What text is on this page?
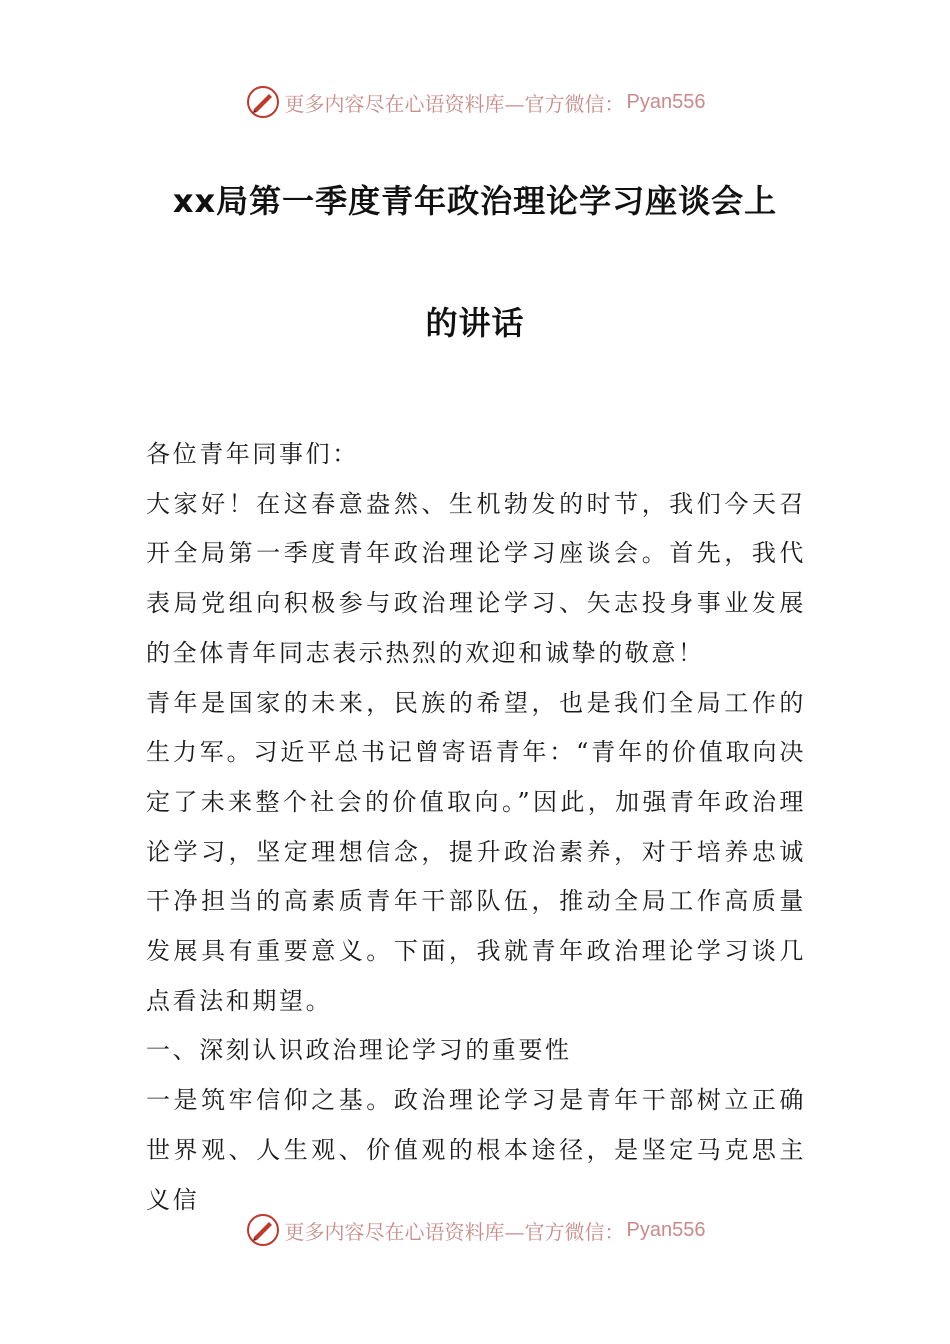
更多内容尽在心语资料库—官方微信： Pyan556
xx局第一季度青年政治理论学习座谈会上
的讲话

各位青年同事们：

大家好！在这春意盎然、生机勃发的时节，我们今天召开全局第一季度青年政治理论学习座谈会。首先，我代表局党组向积极参与政治理论学习、矢志投身事业发展的全体青年同志表示热烈的欢迎和诚挚的敬意！

青年是国家的未来，民族的希望，也是我们全局工作的生力军。习近平总书记曾寄语青年：“青年的价值取向决定了未来整个社会的价值取向。”因此，加强青年政治理论学习，坚定理想信念，提升政治素养，对于培养忠诚干净担当的高素质青年干部队伍，推动全局工作高质量发展具有重要意义。下面，我就青年政治理论学习谈几点看法和期望。

一、深刻认识政治理论学习的重要性

一是筑牢信仰之基。政治理论学习是青年干部树立正确世界观、人生观、价值观的根本途径，是坚定马克思主义信

更多内容尽在心语资料库—官方微信： Pyan556
